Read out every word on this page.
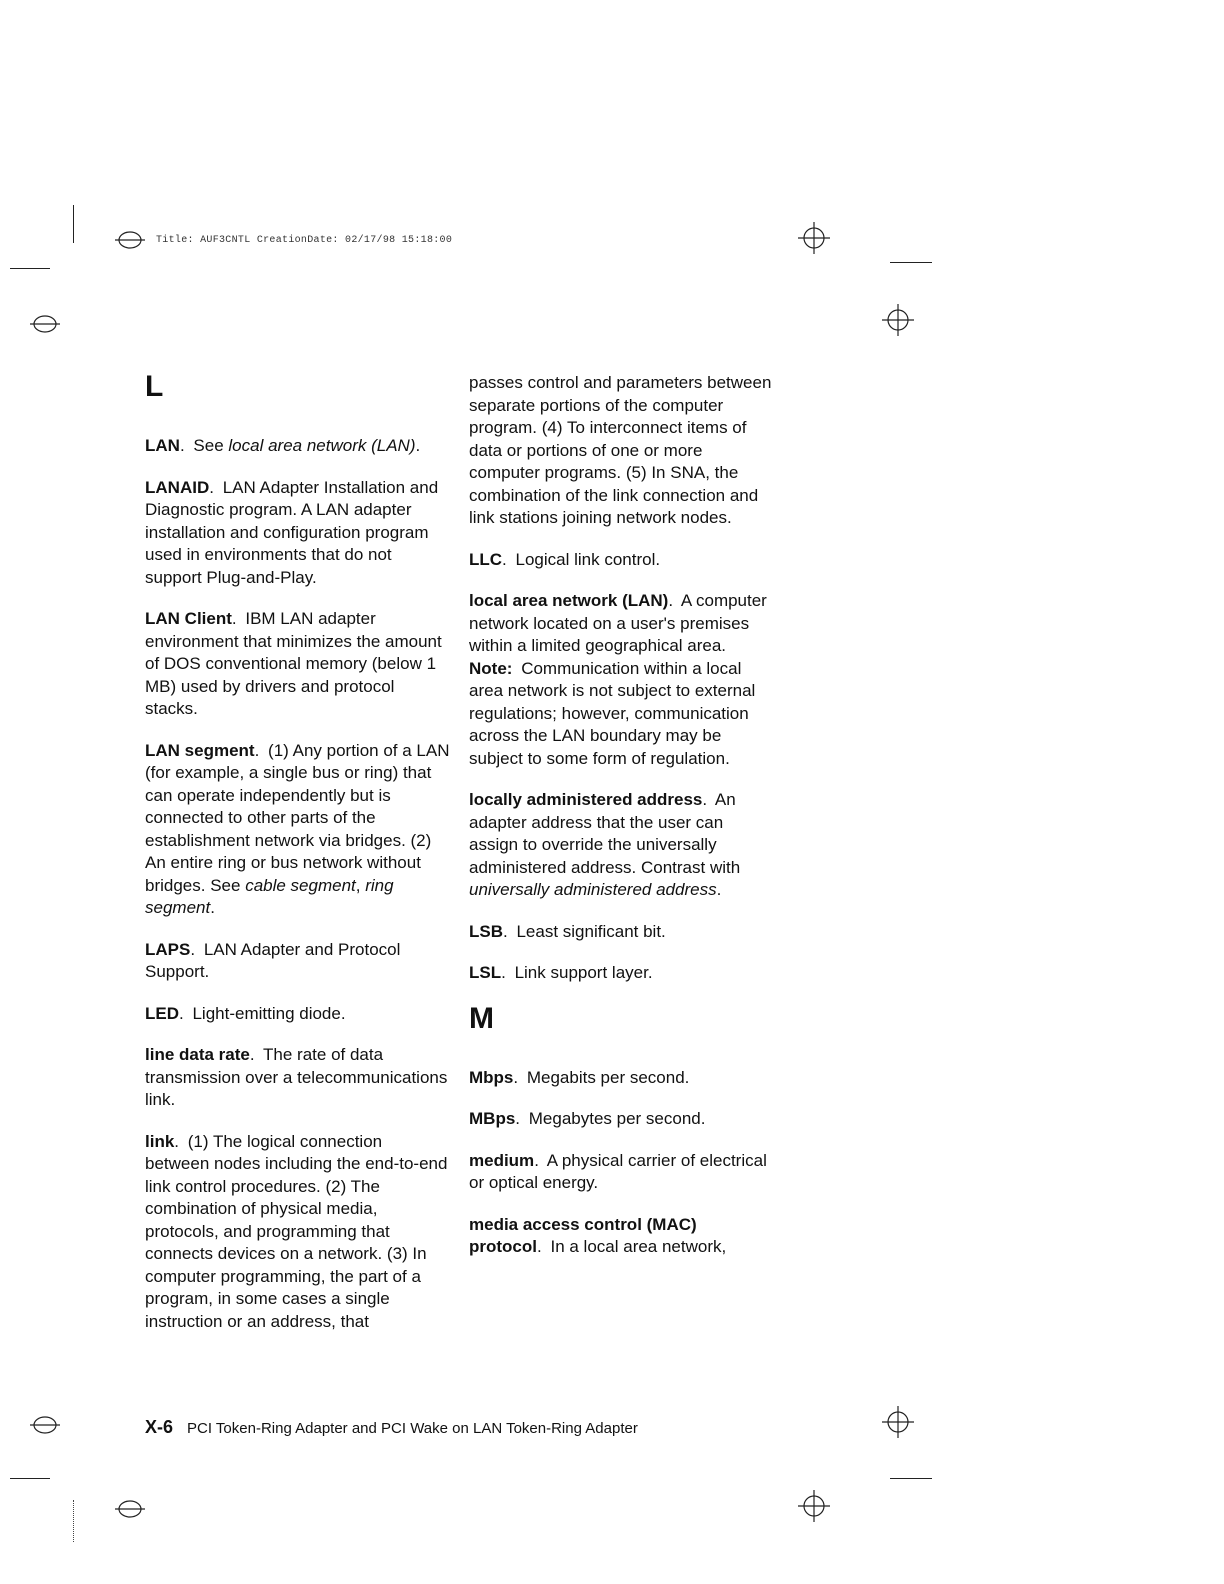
Title: AUF3CNTL CreationDate: 02/17/98 15:18:00
L

LAN. See local area network (LAN).

LANAID. LAN Adapter Installation and Diagnostic program. A LAN adapter installation and configuration program used in environments that do not support Plug-and-Play.

LAN Client. IBM LAN adapter environment that minimizes the amount of DOS conventional memory (below 1 MB) used by drivers and protocol stacks.

LAN segment. (1) Any portion of a LAN (for example, a single bus or ring) that can operate independently but is connected to other parts of the establishment network via bridges. (2) An entire ring or bus network without bridges. See cable segment, ring segment.

LAPS. LAN Adapter and Protocol Support.

LED. Light-emitting diode.

line data rate. The rate of data transmission over a telecommunications link.

link. (1) The logical connection between nodes including the end-to-end link control procedures. (2) The combination of physical media, protocols, and programming that connects devices on a network. (3) In computer programming, the part of a program, in some cases a single instruction or an address, that

passes control and parameters between separate portions of the computer program. (4) To interconnect items of data or portions of one or more computer programs. (5) In SNA, the combination of the link connection and link stations joining network nodes.

LLC. Logical link control.

local area network (LAN). A computer network located on a user's premises within a limited geographical area.
Note: Communication within a local area network is not subject to external regulations; however, communication across the LAN boundary may be subject to some form of regulation.

locally administered address. An adapter address that the user can assign to override the universally administered address. Contrast with universally administered address.

LSB. Least significant bit.

LSL. Link support layer.

M

Mbps. Megabits per second.

MBps. Megabytes per second.

medium. A physical carrier of electrical or optical energy.

media access control (MAC) protocol. In a local area network,

X-6 PCI Token-Ring Adapter and PCI Wake on LAN Token-Ring Adapter
